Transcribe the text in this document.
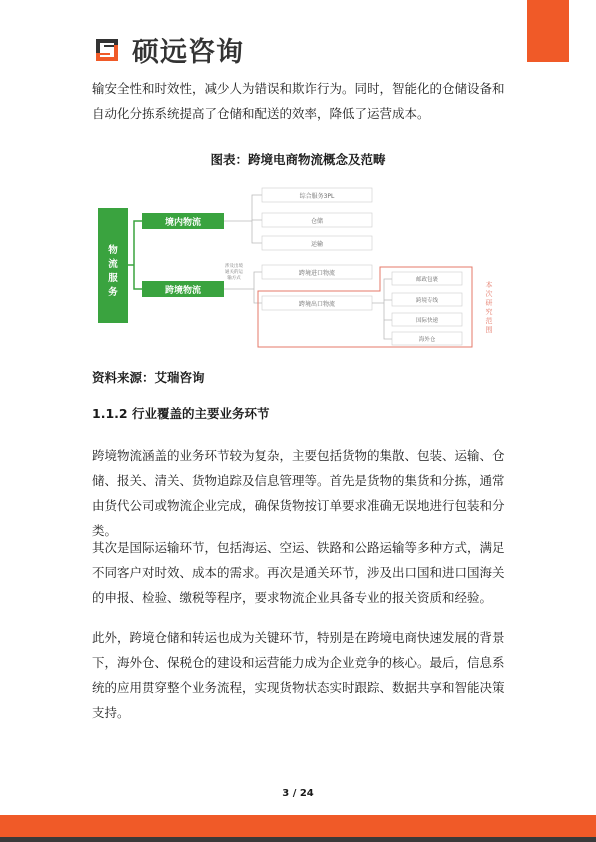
硕远咨询
输安全性和时效性，减少人为错误和欺诈行为。同时，智能化的仓储设备和自动化分拣系统提高了仓储和配送的效率，降低了运营成本。
图表：跨境电商物流概念及范畴
物
流
服
务
境内物流
跨境物流
综合服务3PL
仓储
运输
涉及出境通关的运输方式
跨境进口物流
跨境出口物流
邮政包裹
跨境专线
国际快递
海外仓
本次研究范围
资料来源：艾瑞咨询
1.1.2 行业覆盖的主要业务环节
跨境物流涵盖的业务环节较为复杂，主要包括货物的集散、包装、运输、仓储、报关、清关、货物追踪及信息管理等。首先是货物的集货和分拣，通常由货代公司或物流企业完成，确保货物按订单要求准确无误地进行包装和分类。
其次是国际运输环节，包括海运、空运、铁路和公路运输等多种方式，满足不同客户对时效、成本的需求。再次是通关环节，涉及出口国和进口国海关的申报、检验、缴税等程序，要求物流企业具备专业的报关资质和经验。
此外，跨境仓储和转运也成为关键环节，特别是在跨境电商快速发展的背景下，海外仓、保税仓的建设和运营能力成为企业竞争的核心。最后，信息系统的应用贯穿整个业务流程，实现货物状态实时跟踪、数据共享和智能决策支持。
3 / 24
